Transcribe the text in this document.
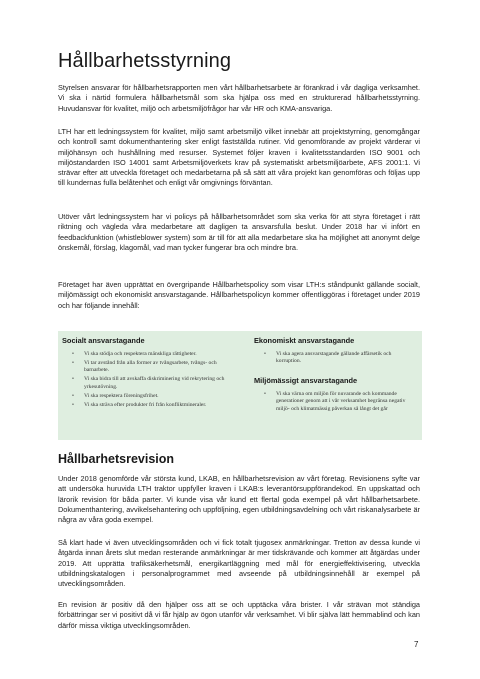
Hållbarhetsstyrning

Styrelsen ansvarar för hållbarhetsrapporten men vårt hållbarhetsarbete är förankrad i vår dagliga verksamhet. Vi ska i närtid formulera hållbarhetsmål som ska hjälpa oss med en strukturerad hållbarhetsstyrning. Huvudansvar för kvalitet, miljö och arbetsmiljöfrågor har vår HR och KMA-ansvariga.

LTH har ett ledningssystem för kvalitet, miljö samt arbetsmiljö vilket innebär att projektstyrning, genomgångar och kontroll samt dokumenthantering sker enligt fastställda rutiner. Vid genomförande av projekt värderar vi miljöhänsyn och hushållning med resurser. Systemet följer kraven i kvalitetsstandarden ISO 9001 och miljöstandarden ISO 14001 samt Arbetsmiljöverkets krav på systematiskt arbetsmiljöarbete, AFS 2001:1. Vi strävar efter att utveckla företaget och medarbetarna på så sätt att våra projekt kan genomföras och följas upp till kundernas fulla belåtenhet och enligt vår omgivnings förväntan.

Utöver vårt ledningssystem har vi policys på hållbarhetsområdet som ska verka för att styra företaget i rätt riktning och vägleda våra medarbetare att dagligen ta ansvarsfulla beslut. Under 2018 har vi infört en feedbackfunktion (whistleblower system) som är till för att alla medarbetare ska ha möjlighet att anonymt delge önskemål, förslag, klagomål, vad man tycker fungerar bra och mindre bra.

Företaget har även upprättat en övergripande Hållbarhetspolicy som visar LTH:s ståndpunkt gällande socialt, miljömässigt och ekonomiskt ansvarstagande. Hållbarhetspolicyn kommer offentliggöras i företaget under 2019 och har följande innehåll:

Socialt ansvarstagande
• Vi ska stödja och respektera mänskliga rättigheter.
• Vi tar avstånd från alla former av tvångsarbete, tvångs- och barnarbete.
• Vi ska bidra till att avskaffa diskriminering vid rekrytering och yrkesutövning.
• Vi ska respektera föreningsfrihet.
• Vi ska sträva efter produkter fri från konfliktmineraler.
Ekonomiskt ansvarstagande
• Vi ska agera ansvarstagande gällande affärsetik och korruption.
Miljömässigt ansvarstagande
• Vi ska värna om miljön för nuvarande och kommande generationer genom att i vår verksamhet begränsa negativ miljö- och klimatmässig påverkan så långt det går
Hållbarhetsrevision

Under 2018 genomförde vår största kund, LKAB, en hållbarhetsrevision av vårt företag. Revisionens syfte var att undersöka huruvida LTH traktor uppfyller kraven i LKAB:s leverantörsuppförandekod. En uppskattad och lärorik revision för båda parter. Vi kunde visa vår kund ett flertal goda exempel på vårt hållbarhetsarbete. Dokumenthantering, avvikelsehantering och uppföljning, egen utbildningsavdelning och vårt riskanalysarbete är några av våra goda exempel.

Så klart hade vi även utvecklingsområden och vi fick totalt tjugosex anmärkningar. Tretton av dessa kunde vi åtgärda innan årets slut medan resterande anmärkningar är mer tidskrävande och kommer att åtgärdas under 2019. Att upprätta trafiksäkerhetsmål, energikartläggning med mål för energieffektivisering, utveckla utbildningskatalogen i personalprogrammet med avseende på utbildningsinnehåll är exempel på utvecklingsområden.

En revision är positiv då den hjälper oss att se och upptäcka våra brister. I vår strävan mot ständiga förbättringar ser vi positivt då vi får hjälp av ögon utanför vår verksamhet. Vi blir själva lätt hemmablind och kan därför missa viktiga utvecklingsområden.

7
